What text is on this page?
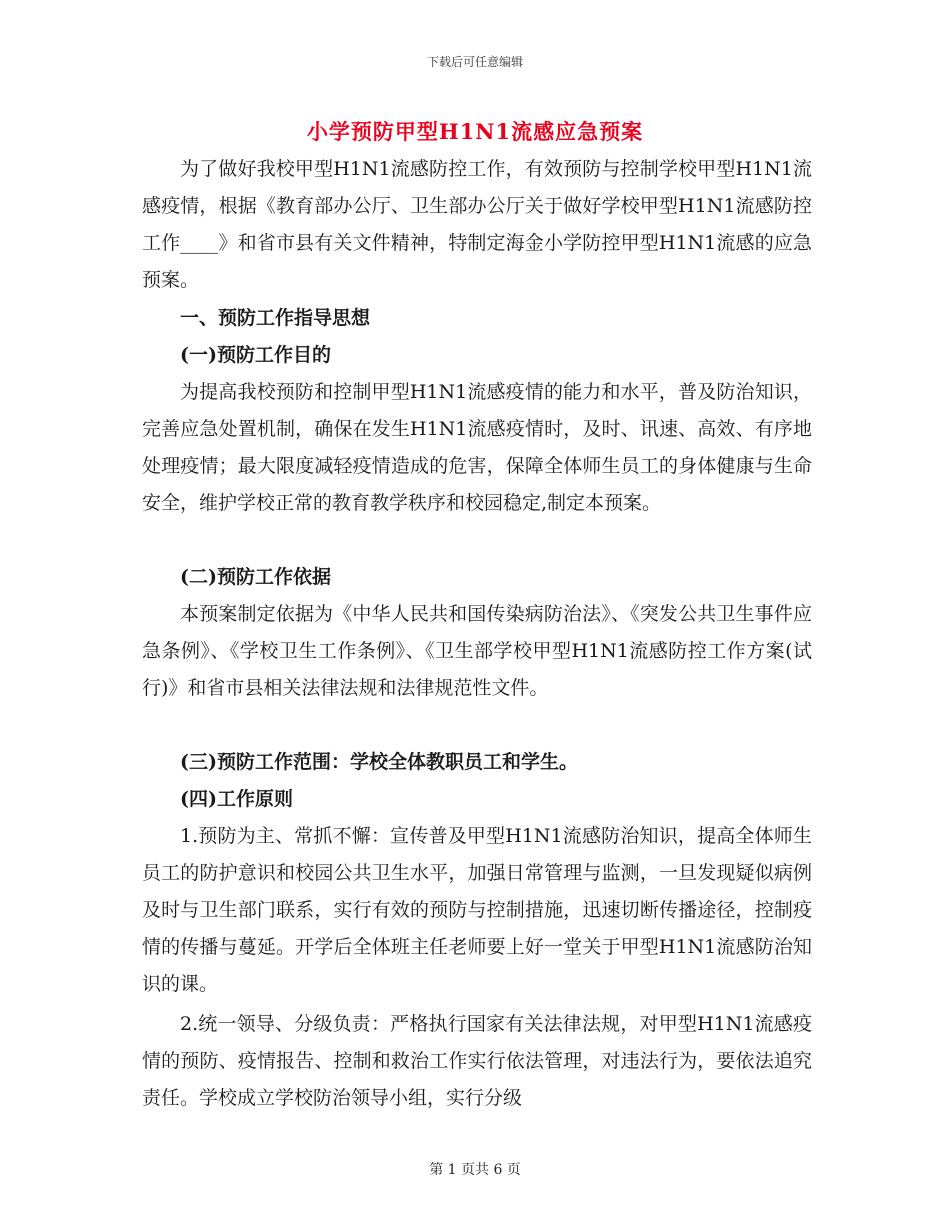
下载后可任意编辑
小学预防甲型H1N1流感应急预案

为了做好我校甲型H1N1流感防控工作，有效预防与控制学校甲型H1N1流感疫情，根据《教育部办公厅、卫生部办公厅关于做好学校甲型H1N1流感防控工作____》和省市县有关文件精神，特制定海金小学防控甲型H1N1流感的应急预案。

一、预防工作指导思想

(一)预防工作目的

为提高我校预防和控制甲型H1N1流感疫情的能力和水平，普及防治知识，完善应急处置机制，确保在发生H1N1流感疫情时，及时、讯速、高效、有序地处理疫情；最大限度减轻疫情造成的危害，保障全体师生员工的身体健康与生命安全，维护学校正常的教育教学秩序和校园稳定,制定本预案。

(二)预防工作依据

本预案制定依据为《中华人民共和国传染病防治法》、《突发公共卫生事件应急条例》、《学校卫生工作条例》、《卫生部学校甲型H1N1流感防控工作方案(试行)》和省市县相关法律法规和法律规范性文件。

(三)预防工作范围：学校全体教职员工和学生。

(四)工作原则

1.预防为主、常抓不懈：宣传普及甲型H1N1流感防治知识，提高全体师生员工的防护意识和校园公共卫生水平，加强日常管理与监测，一旦发现疑似病例及时与卫生部门联系，实行有效的预防与控制措施，迅速切断传播途径，控制疫情的传播与蔓延。开学后全体班主任老师要上好一堂关于甲型H1N1流感防治知识的课。

2.统一领导、分级负责：严格执行国家有关法律法规，对甲型H1N1流感疫情的预防、疫情报告、控制和救治工作实行依法管理，对违法行为，要依法追究责任。学校成立学校防治领导小组，实行分级

第 1 页共 6 页
